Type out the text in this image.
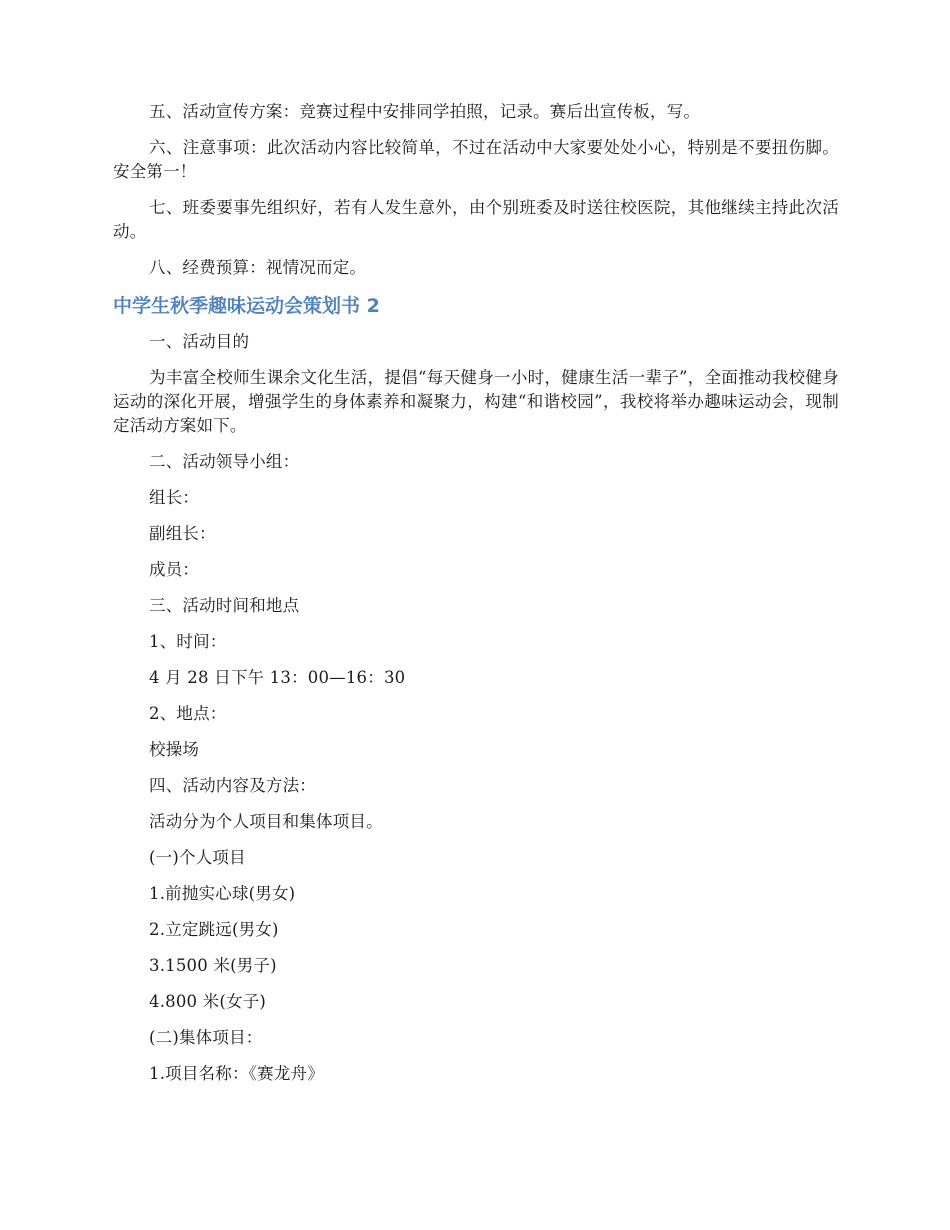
五、活动宣传方案：竞赛过程中安排同学拍照，记录。赛后出宣传板，写。

六、注意事项：此次活动内容比较简单，不过在活动中大家要处处小心，特别是不要扭伤脚。安全第一！

七、班委要事先组织好，若有人发生意外，由个别班委及时送往校医院，其他继续主持此次活动。

八、经费预算：视情况而定。

中学生秋季趣味运动会策划书 2

一、活动目的

为丰富全校师生课余文化生活，提倡“每天健身一小时，健康生活一辈子”，全面推动我校健身运动的深化开展，增强学生的身体素养和凝聚力，构建“和谐校园”，我校将举办趣味运动会，现制定活动方案如下。

二、活动领导小组：

组长：

副组长：

成员：

三、活动时间和地点

1、时间：

4 月 28 日下午 13：00—16：30

2、地点：

校操场

四、活动内容及方法：

活动分为个人项目和集体项目。

(一)个人项目

1.前抛实心球(男女)

2.立定跳远(男女)

3.1500 米(男子)

4.800 米(女子)

(二)集体项目：

1.项目名称：《赛龙舟》
